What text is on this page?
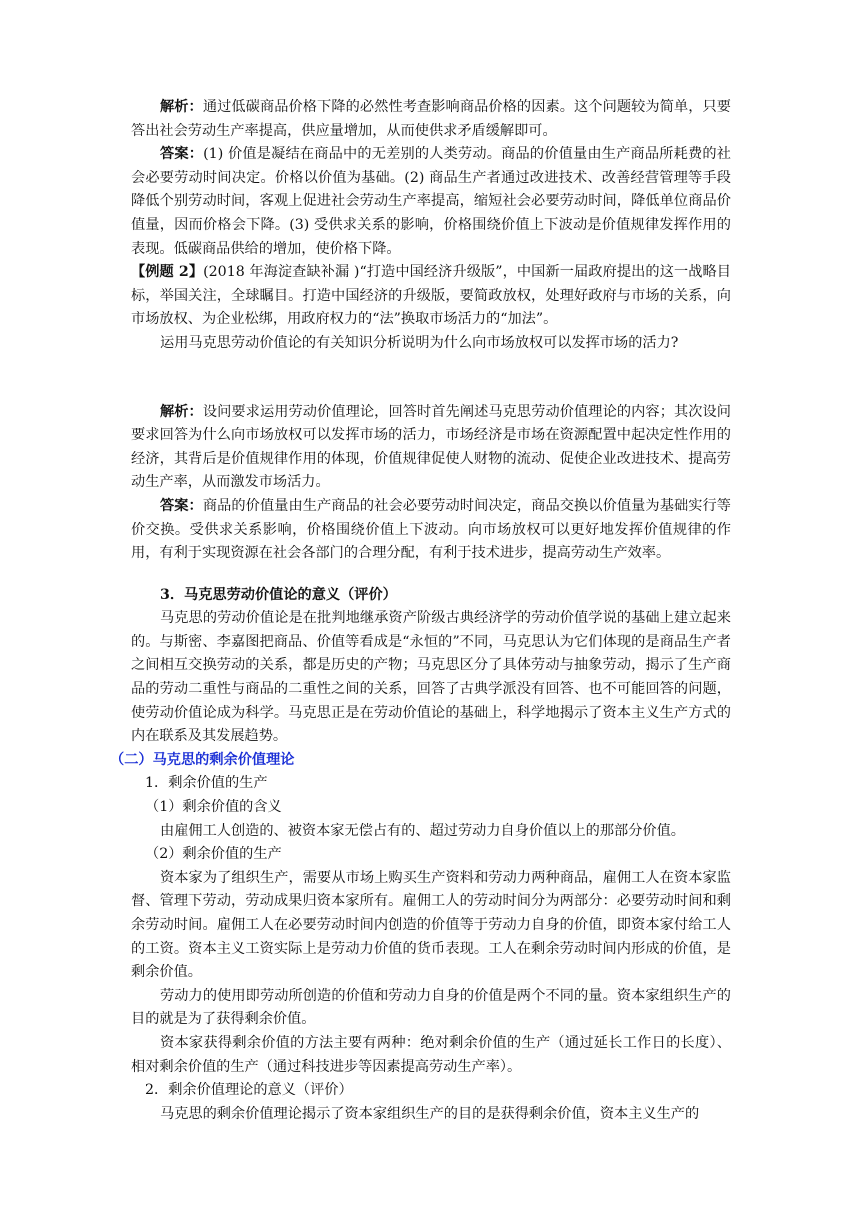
解析：通过低碳商品价格下降的必然性考查影响商品价格的因素。这个问题较为简单，只要答出社会劳动生产率提高，供应量增加，从而使供求矛盾缓解即可。

答案：(1) 价值是凝结在商品中的无差别的人类劳动。商品的价值量由生产商品所耗费的社会必要劳动时间决定。价格以价值为基础。(2) 商品生产者通过改进技术、改善经营管理等手段降低个别劳动时间，客观上促进社会劳动生产率提高，缩短社会必要劳动时间，降低单位商品价值量，因而价格会下降。(3) 受供求关系的影响，价格围绕价值上下波动是价值规律发挥作用的表现。低碳商品供给的增加，使价格下降。

【例题 2】(2018 年海淀查缺补漏 )“打造中国经济升级版”，中国新一届政府提出的这一战略目标，举国关注，全球瞩目。打造中国经济的升级版，要简政放权，处理好政府与市场的关系，向市场放权、为企业松绑，用政府权力的“法”换取市场活力的“加法”。

运用马克思劳动价值论的有关知识分析说明为什么向市场放权可以发挥市场的活力?

解析：设问要求运用劳动价值理论，回答时首先阐述马克思劳动价值理论的内容；其次设问要求回答为什么向市场放权可以发挥市场的活力，市场经济是市场在资源配置中起决定性作用的经济，其背后是价值规律作用的体现，价值规律促使人财物的流动、促使企业改进技术、提高劳动生产率，从而激发市场活力。

答案：商品的价值量由生产商品的社会必要劳动时间决定，商品交换以价值量为基础实行等价交换。受供求关系影响，价格围绕价值上下波动。向市场放权可以更好地发挥价值规律的作用，有利于实现资源在社会各部门的合理分配，有利于技术进步，提高劳动生产效率。

3．马克思劳动价值论的意义（评价）

马克思的劳动价值论是在批判地继承资产阶级古典经济学的劳动价值学说的基础上建立起来的。与斯密、李嘉图把商品、价值等看成是“永恒的”不同，马克思认为它们体现的是商品生产者之间相互交换劳动的关系，都是历史的产物；马克思区分了具体劳动与抽象劳动，揭示了生产商品的劳动二重性与商品的二重性之间的关系，回答了古典学派没有回答、也不可能回答的问题，使劳动价值论成为科学。马克思正是在劳动价值论的基础上，科学地揭示了资本主义生产方式的内在联系及其发展趋势。

（二）马克思的剩余价值理论

1．剩余价值的生产

（1）剩余价值的含义

由雇佣工人创造的、被资本家无偿占有的、超过劳动力自身价值以上的那部分价值。

（2）剩余价值的生产

资本家为了组织生产，需要从市场上购买生产资料和劳动力两种商品，雇佣工人在资本家监督、管理下劳动，劳动成果归资本家所有。雇佣工人的劳动时间分为两部分：必要劳动时间和剩余劳动时间。雇佣工人在必要劳动时间内创造的价值等于劳动力自身的价值，即资本家付给工人的工资。资本主义工资实际上是劳动力价值的货币表现。工人在剩余劳动时间内形成的价值，是剩余价值。

劳动力的使用即劳动所创造的价值和劳动力自身的价值是两个不同的量。资本家组织生产的目的就是为了获得剩余价值。

资本家获得剩余价值的方法主要有两种：绝对剩余价值的生产（通过延长工作日的长度）、相对剩余价值的生产（通过科技进步等因素提高劳动生产率）。

2．剩余价值理论的意义（评价）

马克思的剩余价值理论揭示了资本家组织生产的目的是获得剩余价值，资本主义生产的
